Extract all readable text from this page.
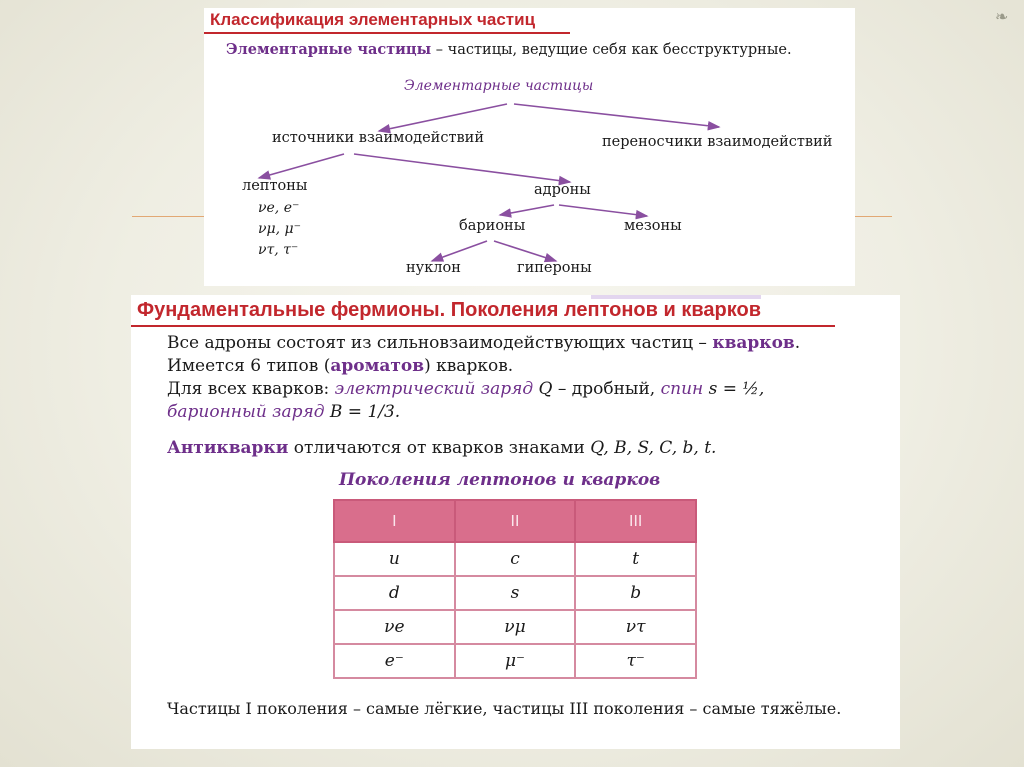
❧
Классификация элементарных частиц
Элементарные частицы – частицы, ведущие себя как бесструктурные.
Элементарные частицы
источники взаимодействий	переносчики взаимодействий
лептоны
νe, e⁻
νμ, μ⁻
ντ, τ⁻
адроны
барионы	мезоны
нуклон	гипероны
Фундаментальные фермионы. Поколения лептонов и кварков
Все адроны состоят из сильновзаимодействующих частиц – кварков.
Имеется 6 типов (ароматов) кварков.
Для всех кварков: электрический заряд Q – дробный, спин s = ½,
барионный заряд B = 1/3.
Антикварки отличаются от кварков знаками Q, B, S, C, b, t.
Поколения лептонов и кварков
I	II	III
u	c	t
d	s	b
νe	νμ	ντ
e⁻	μ⁻	τ⁻
Частицы I поколения – самые лёгкие, частицы III поколения – самые тяжёлые.
